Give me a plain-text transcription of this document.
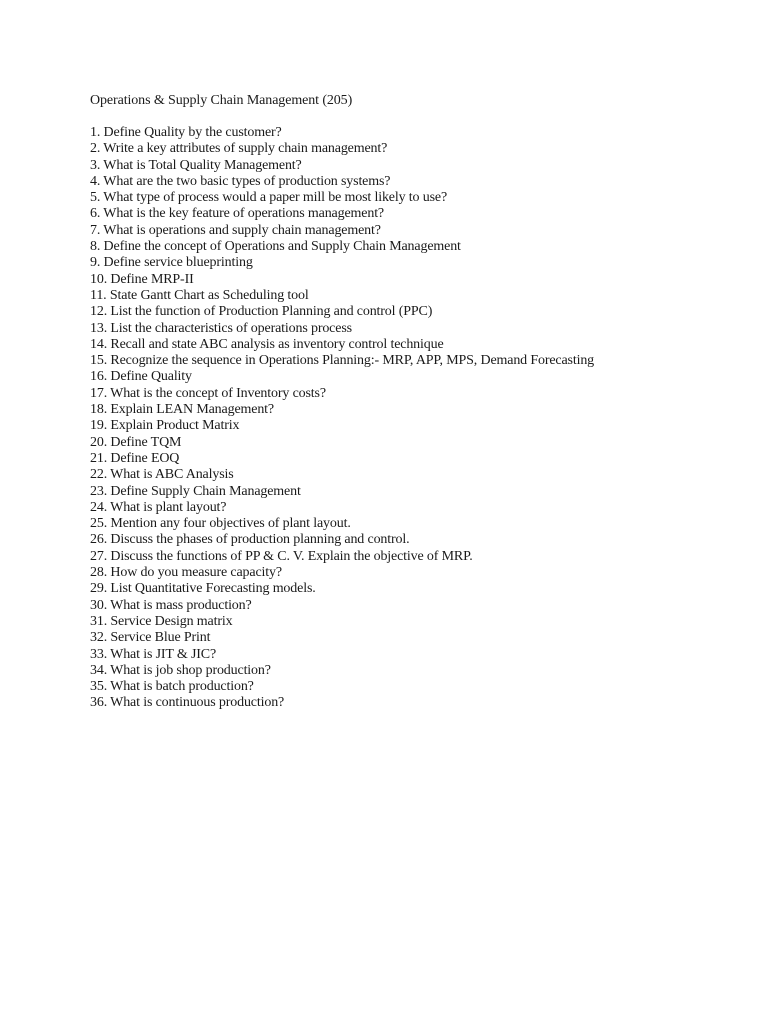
Operations & Supply Chain Management (205)
1. Define Quality by the customer?
2. Write a key attributes of supply chain management?
3. What is Total Quality Management?
4. What are the two basic types of production systems?
5. What type of process would a paper mill be most likely to use?
6. What is the key feature of operations management?
7. What is operations and supply chain management?
8. Define the concept of Operations and Supply Chain Management
9. Define service blueprinting
10. Define MRP-II
11. State Gantt Chart as Scheduling tool
12. List the function of Production Planning and control (PPC)
13. List the characteristics of operations process
14. Recall and state ABC analysis as inventory control technique
15. Recognize the sequence in Operations Planning:- MRP, APP, MPS, Demand Forecasting
16. Define Quality
17. What is the concept of Inventory costs?
18. Explain LEAN Management?
19. Explain Product Matrix
20. Define TQM
21. Define EOQ
22. What is ABC Analysis
23. Define Supply Chain Management
24. What is plant layout?
25. Mention any four objectives of plant layout.
26. Discuss the phases of production planning and control.
27. Discuss the functions of PP & C. V. Explain the objective of MRP.
28. How do you measure capacity?
29. List Quantitative Forecasting models.
30. What is mass production?
31. Service Design matrix
32. Service Blue Print
33. What is JIT & JIC?
34. What is job shop production?
35. What is batch production?
36. What is continuous production?
